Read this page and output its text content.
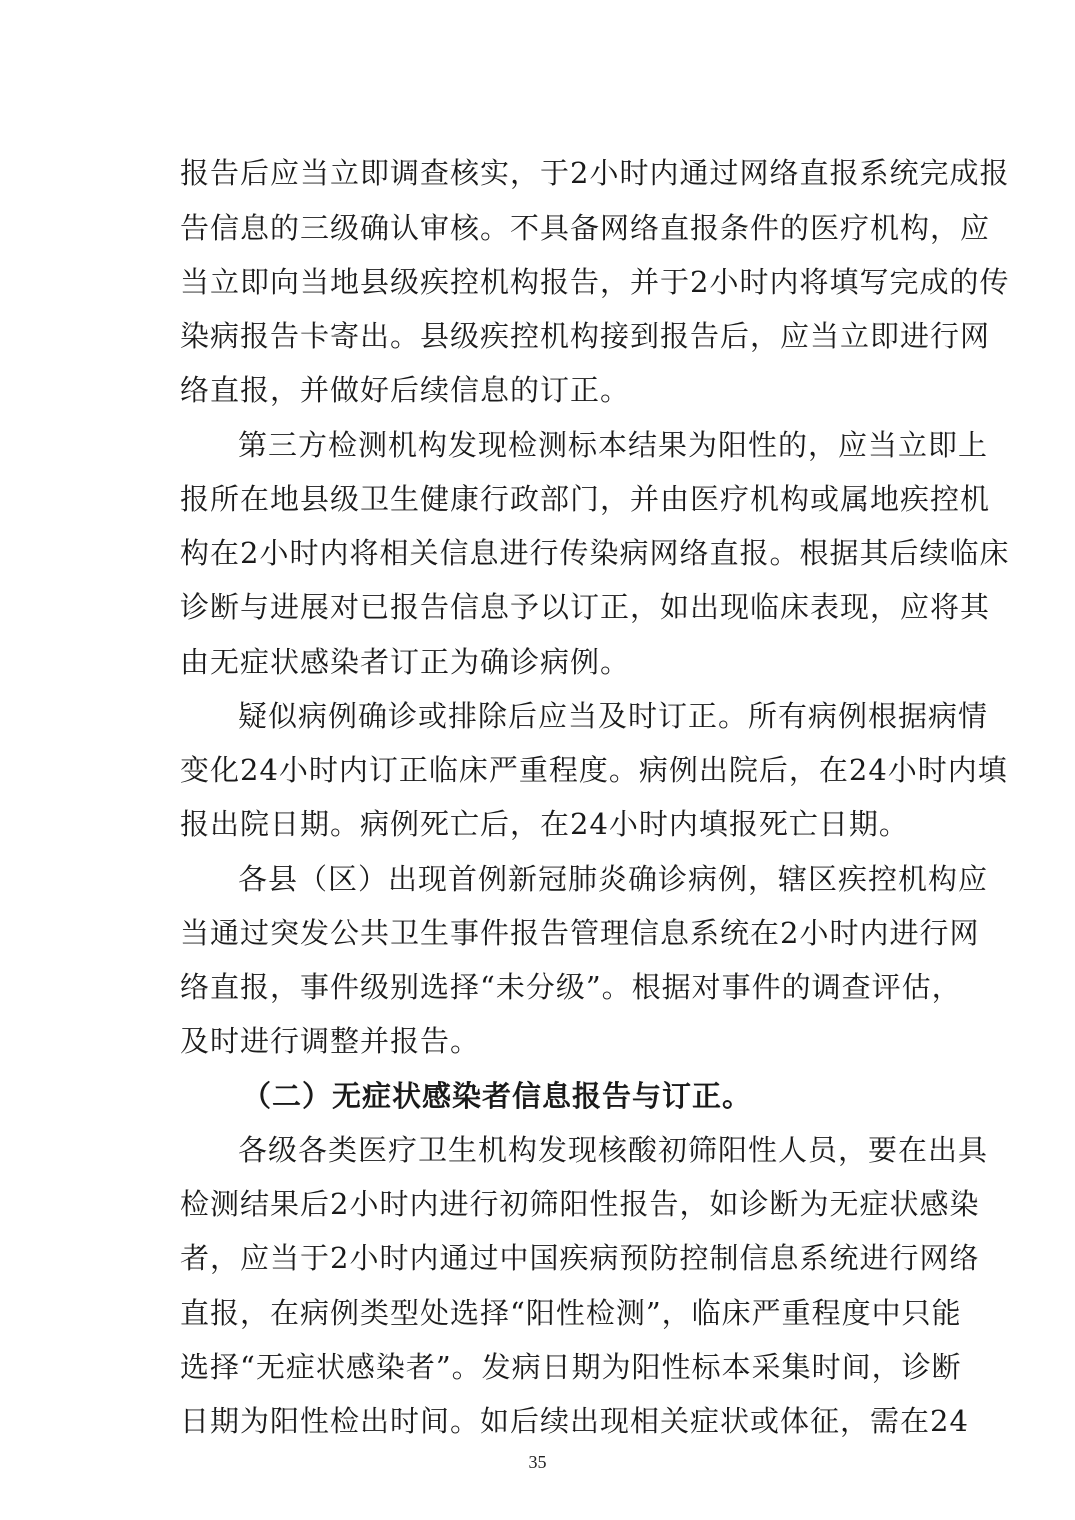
报告后应当立即调查核实，于2小时内通过网络直报系统完成报
告信息的三级确认审核。不具备网络直报条件的医疗机构，应
当立即向当地县级疾控机构报告，并于2小时内将填写完成的传
染病报告卡寄出。县级疾控机构接到报告后，应当立即进行网
络直报，并做好后续信息的订正。
第三方检测机构发现检测标本结果为阳性的，应当立即上
报所在地县级卫生健康行政部门，并由医疗机构或属地疾控机
构在2小时内将相关信息进行传染病网络直报。根据其后续临床
诊断与进展对已报告信息予以订正，如出现临床表现，应将其
由无症状感染者订正为确诊病例。
疑似病例确诊或排除后应当及时订正。所有病例根据病情
变化24小时内订正临床严重程度。病例出院后，在24小时内填
报出院日期。病例死亡后，在24小时内填报死亡日期。
各县（区）出现首例新冠肺炎确诊病例，辖区疾控机构应
当通过突发公共卫生事件报告管理信息系统在2小时内进行网
络直报，事件级别选择“未分级”。根据对事件的调查评估，
及时进行调整并报告。
（二）无症状感染者信息报告与订正。
各级各类医疗卫生机构发现核酸初筛阳性人员，要在出具
检测结果后2小时内进行初筛阳性报告，如诊断为无症状感染
者，应当于2小时内通过中国疾病预防控制信息系统进行网络
直报，在病例类型处选择“阳性检测”，临床严重程度中只能
选择“无症状感染者”。发病日期为阳性标本采集时间，诊断
日期为阳性检出时间。如后续出现相关症状或体征，需在24
35
